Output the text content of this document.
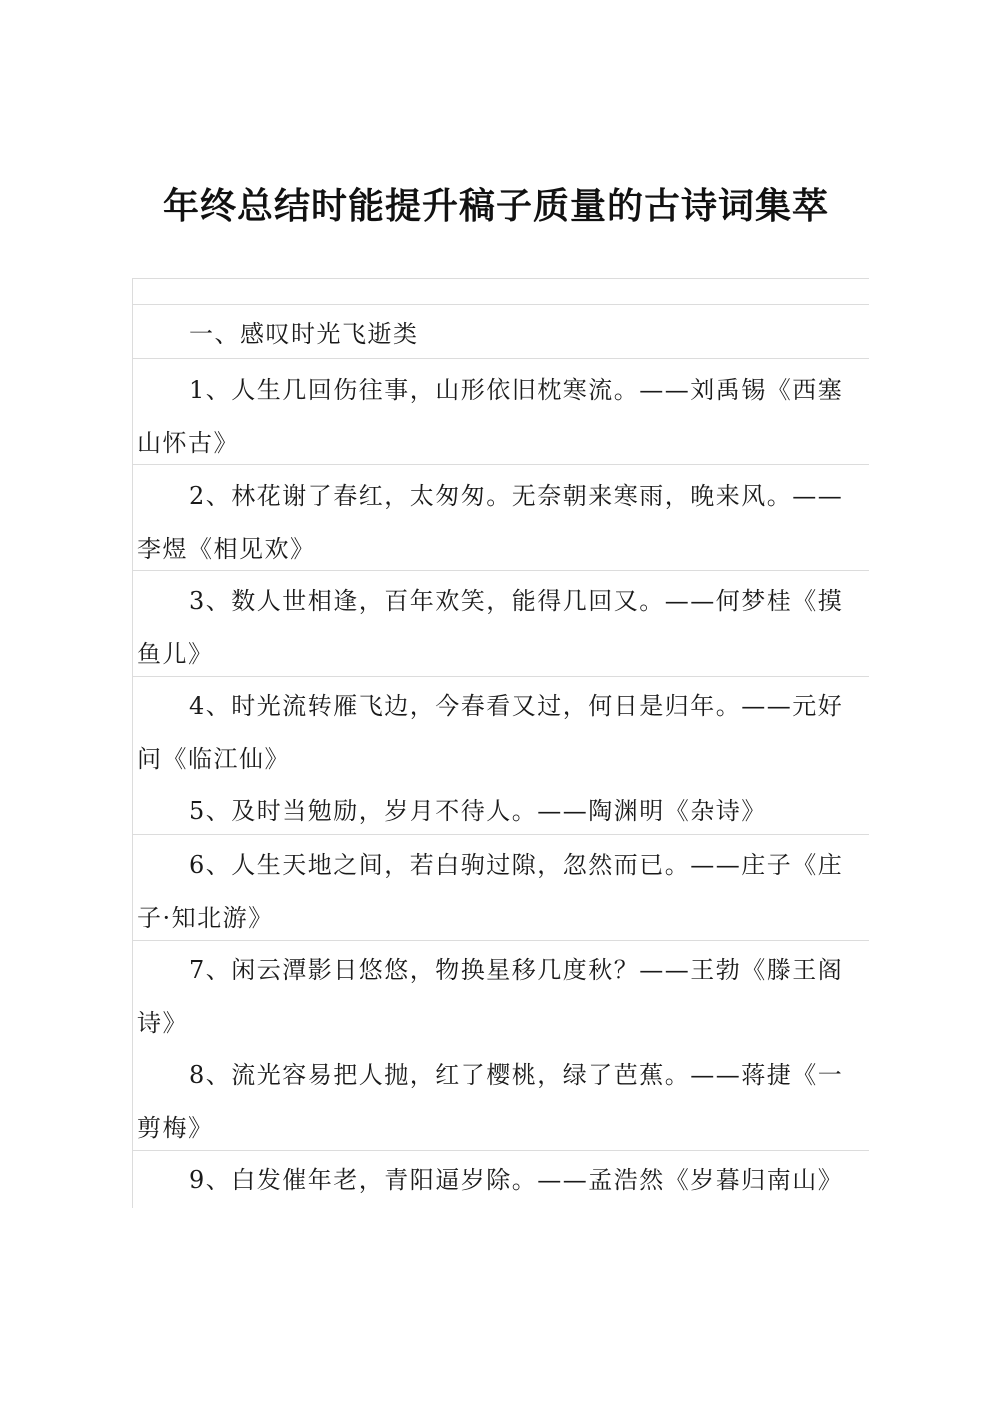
年终总结时能提升稿子质量的古诗词集萃
一、感叹时光飞逝类
1、人生几回伤往事，山形依旧枕寒流。——刘禹锡《西塞
山怀古》
2、林花谢了春红，太匆匆。无奈朝来寒雨，晚来风。——
李煜《相见欢》
3、数人世相逢，百年欢笑，能得几回又。——何梦桂《摸
鱼儿》
4、时光流转雁飞边，今春看又过，何日是归年。——元好
问《临江仙》
5、及时当勉励，岁月不待人。——陶渊明《杂诗》
6、人生天地之间，若白驹过隙，忽然而已。——庄子《庄
子·知北游》
7、闲云潭影日悠悠，物换星移几度秋？——王勃《滕王阁
诗》
8、流光容易把人抛，红了樱桃，绿了芭蕉。——蒋捷《一
剪梅》
9、白发催年老，青阳逼岁除。——孟浩然《岁暮归南山》
